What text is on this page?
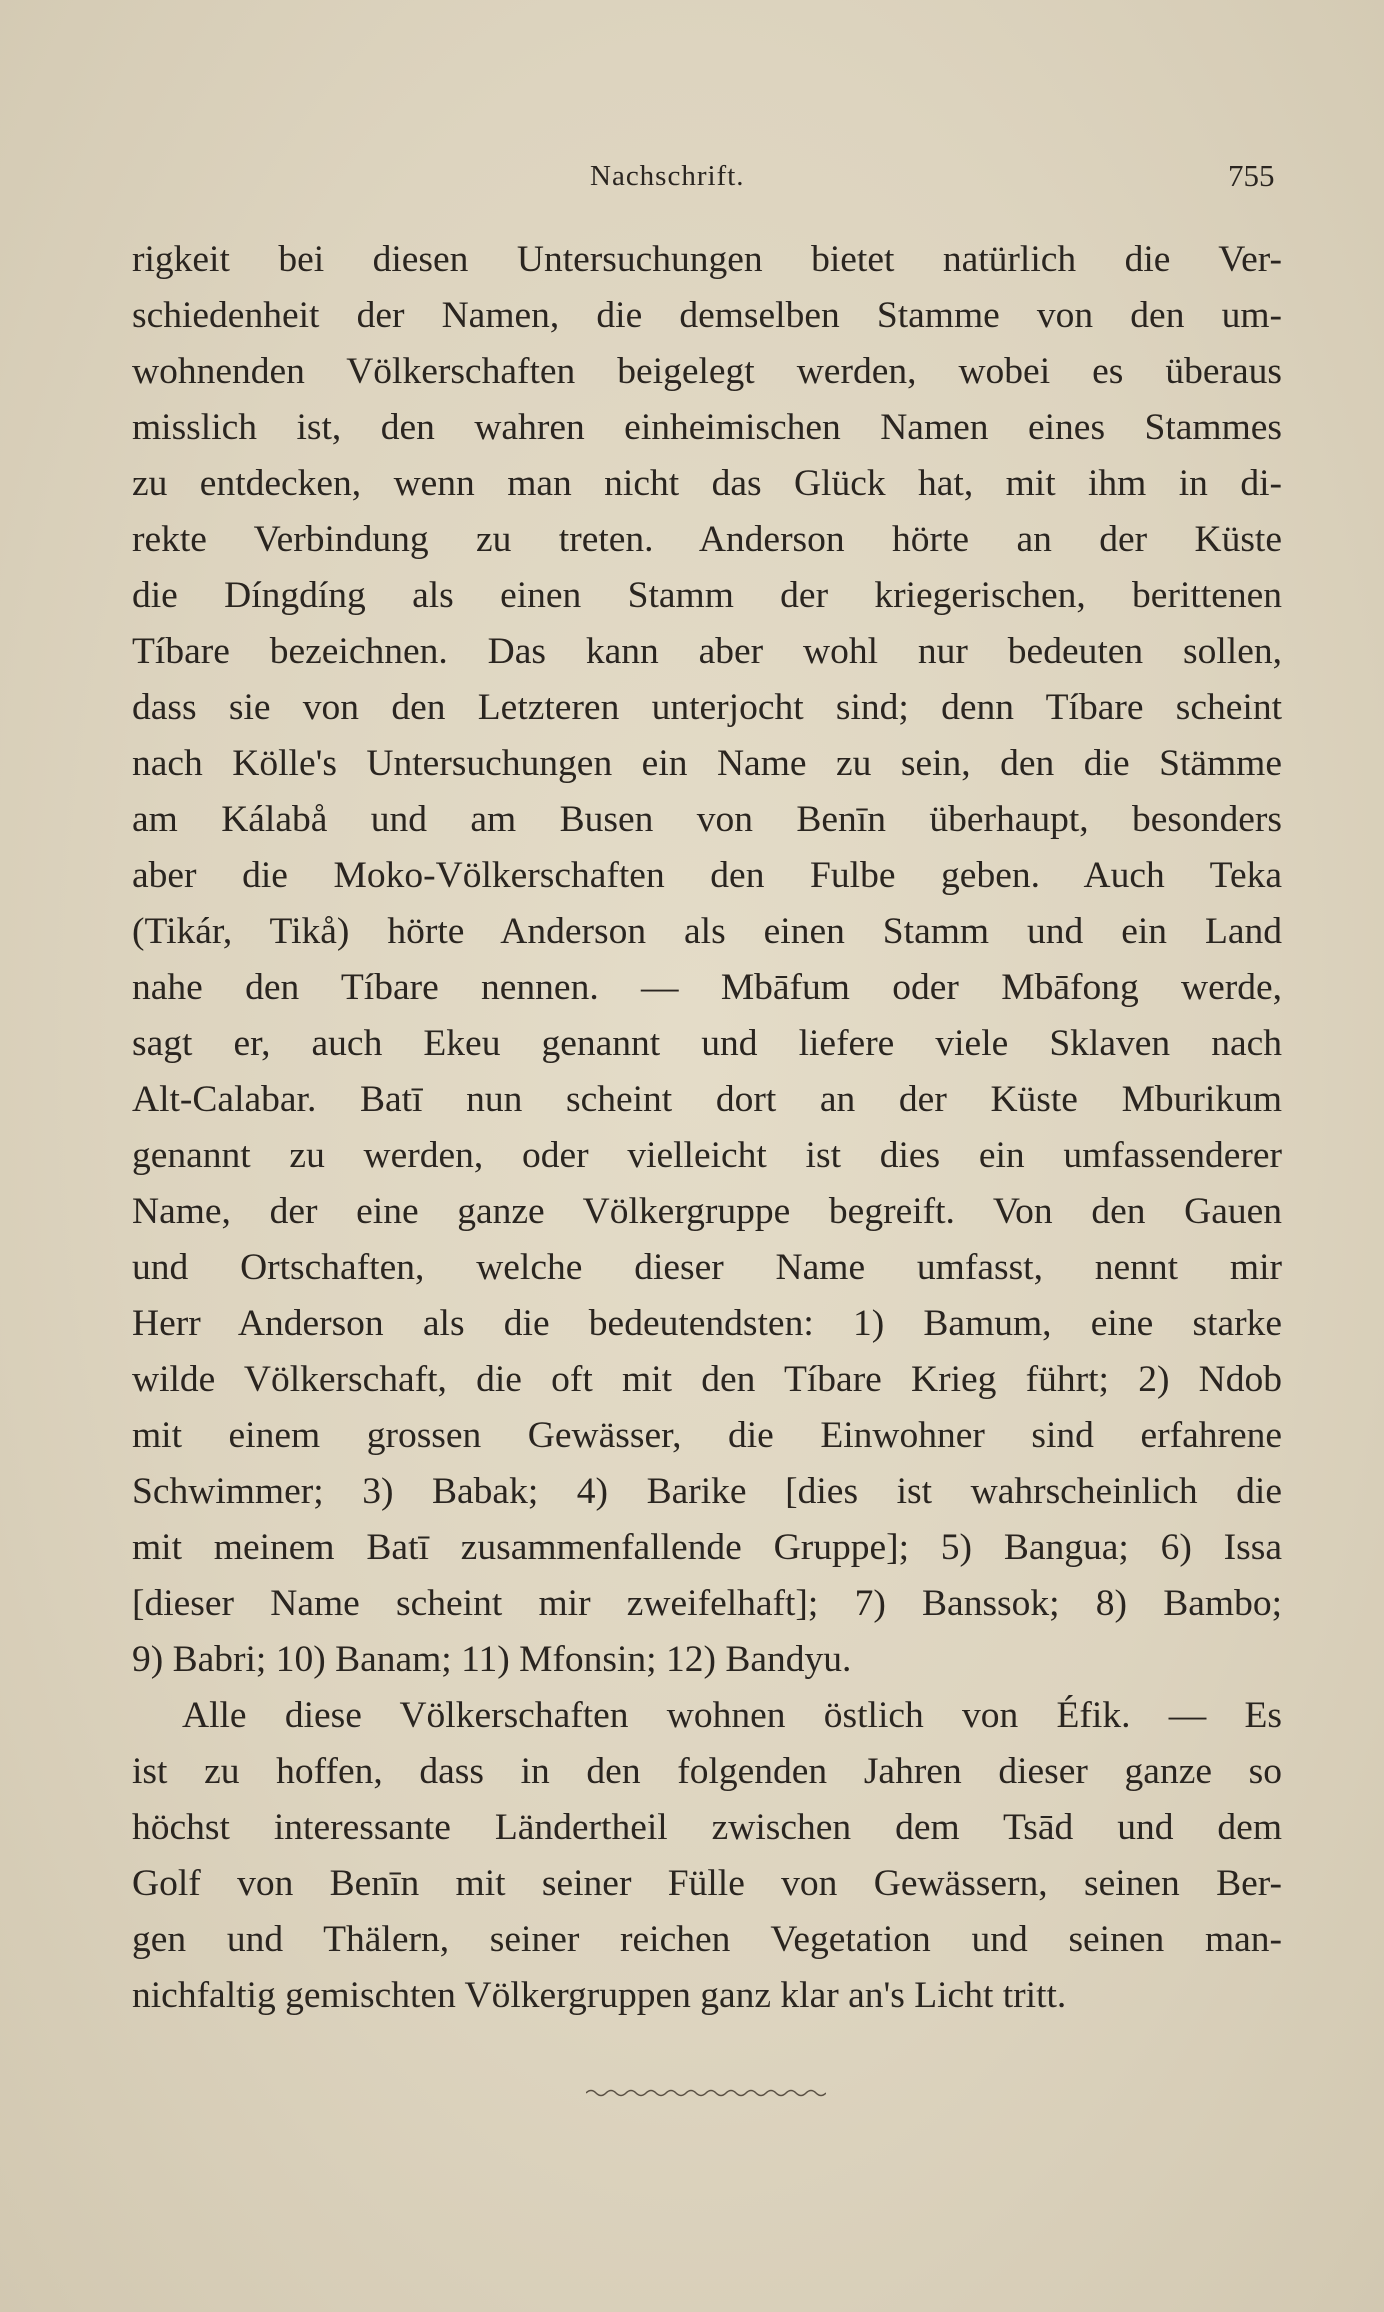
Nachschrift.	755
rigkeit bei diesen Untersuchungen bietet natürlich die Ver-
schiedenheit der Namen, die demselben Stamme von den um-
wohnenden Völkerschaften beigelegt werden, wobei es überaus
misslich ist, den wahren einheimischen Namen eines Stammes
zu entdecken, wenn man nicht das Glück hat, mit ihm in di-
rekte Verbindung zu treten. Anderson hörte an der Küste
die Díngdíng als einen Stamm der kriegerischen, berittenen
Tíbare bezeichnen. Das kann aber wohl nur bedeuten sollen,
dass sie von den Letzteren unterjocht sind; denn Tíbare scheint
nach Kölle's Untersuchungen ein Name zu sein, den die Stämme
am Kálabå und am Busen von Benīn überhaupt, besonders
aber die Moko-Völkerschaften den Fulbe geben. Auch Teka
(Tikár, Tikå) hörte Anderson als einen Stamm und ein Land
nahe den Tíbare nennen. — Mbāfum oder Mbāfong werde,
sagt er, auch Ekeu genannt und liefere viele Sklaven nach
Alt-Calabar. Batī nun scheint dort an der Küste Mburikum
genannt zu werden, oder vielleicht ist dies ein umfassenderer
Name, der eine ganze Völkergruppe begreift. Von den Gauen
und Ortschaften, welche dieser Name umfasst, nennt mir
Herr Anderson als die bedeutendsten: 1) Bamum, eine starke
wilde Völkerschaft, die oft mit den Tíbare Krieg führt; 2) Ndob
mit einem grossen Gewässer, die Einwohner sind erfahrene
Schwimmer; 3) Babak; 4) Barike [dies ist wahrscheinlich die
mit meinem Batī zusammenfallende Gruppe]; 5) Bangua; 6) Issa
[dieser Name scheint mir zweifelhaft]; 7) Banssok; 8) Bambo;
9) Babri; 10) Banam; 11) Mfonsin; 12) Bandyu.
Alle diese Völkerschaften wohnen östlich von Éfik. — Es
ist zu hoffen, dass in den folgenden Jahren dieser ganze so
höchst interessante Ländertheil zwischen dem Tsād und dem
Golf von Benīn mit seiner Fülle von Gewässern, seinen Ber-
gen und Thälern, seiner reichen Vegetation und seinen man-
nichfaltig gemischten Völkergruppen ganz klar an's Licht tritt.
